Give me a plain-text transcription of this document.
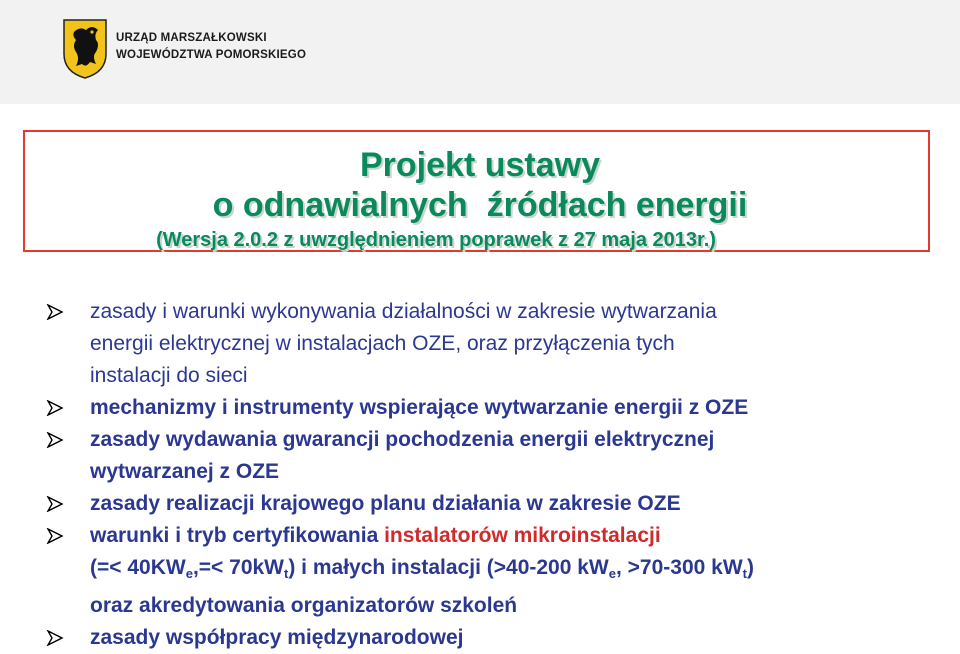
URZĄD MARSZAŁKOWSKI
WOJEWÓDZTWA POMORSKIEGO
Projekt ustawy
o odnawialnych  źródłach energii
(Wersja 2.0.2 z uwzględnieniem poprawek z 27 maja 2013r.)
zasady i warunki wykonywania działalności w zakresie wytwarzania
energii elektrycznej w instalacjach OZE, oraz przyłączenia tych
instalacji do sieci
mechanizmy i instrumenty wspierające wytwarzanie energii z OZE
zasady wydawania gwarancji pochodzenia energii elektrycznej
wytwarzanej z OZE
zasady realizacji krajowego planu działania w zakresie OZE
warunki i tryb certyfikowania instalatorów mikroinstalacji
(=< $40KW_e,=< 70kW_t$) i małych instalacji (>40-200 $kW_e$, >70-300 $kW_t$)
oraz akredytowania organizatorów szkoleń
zasady współpracy międzynarodowej
